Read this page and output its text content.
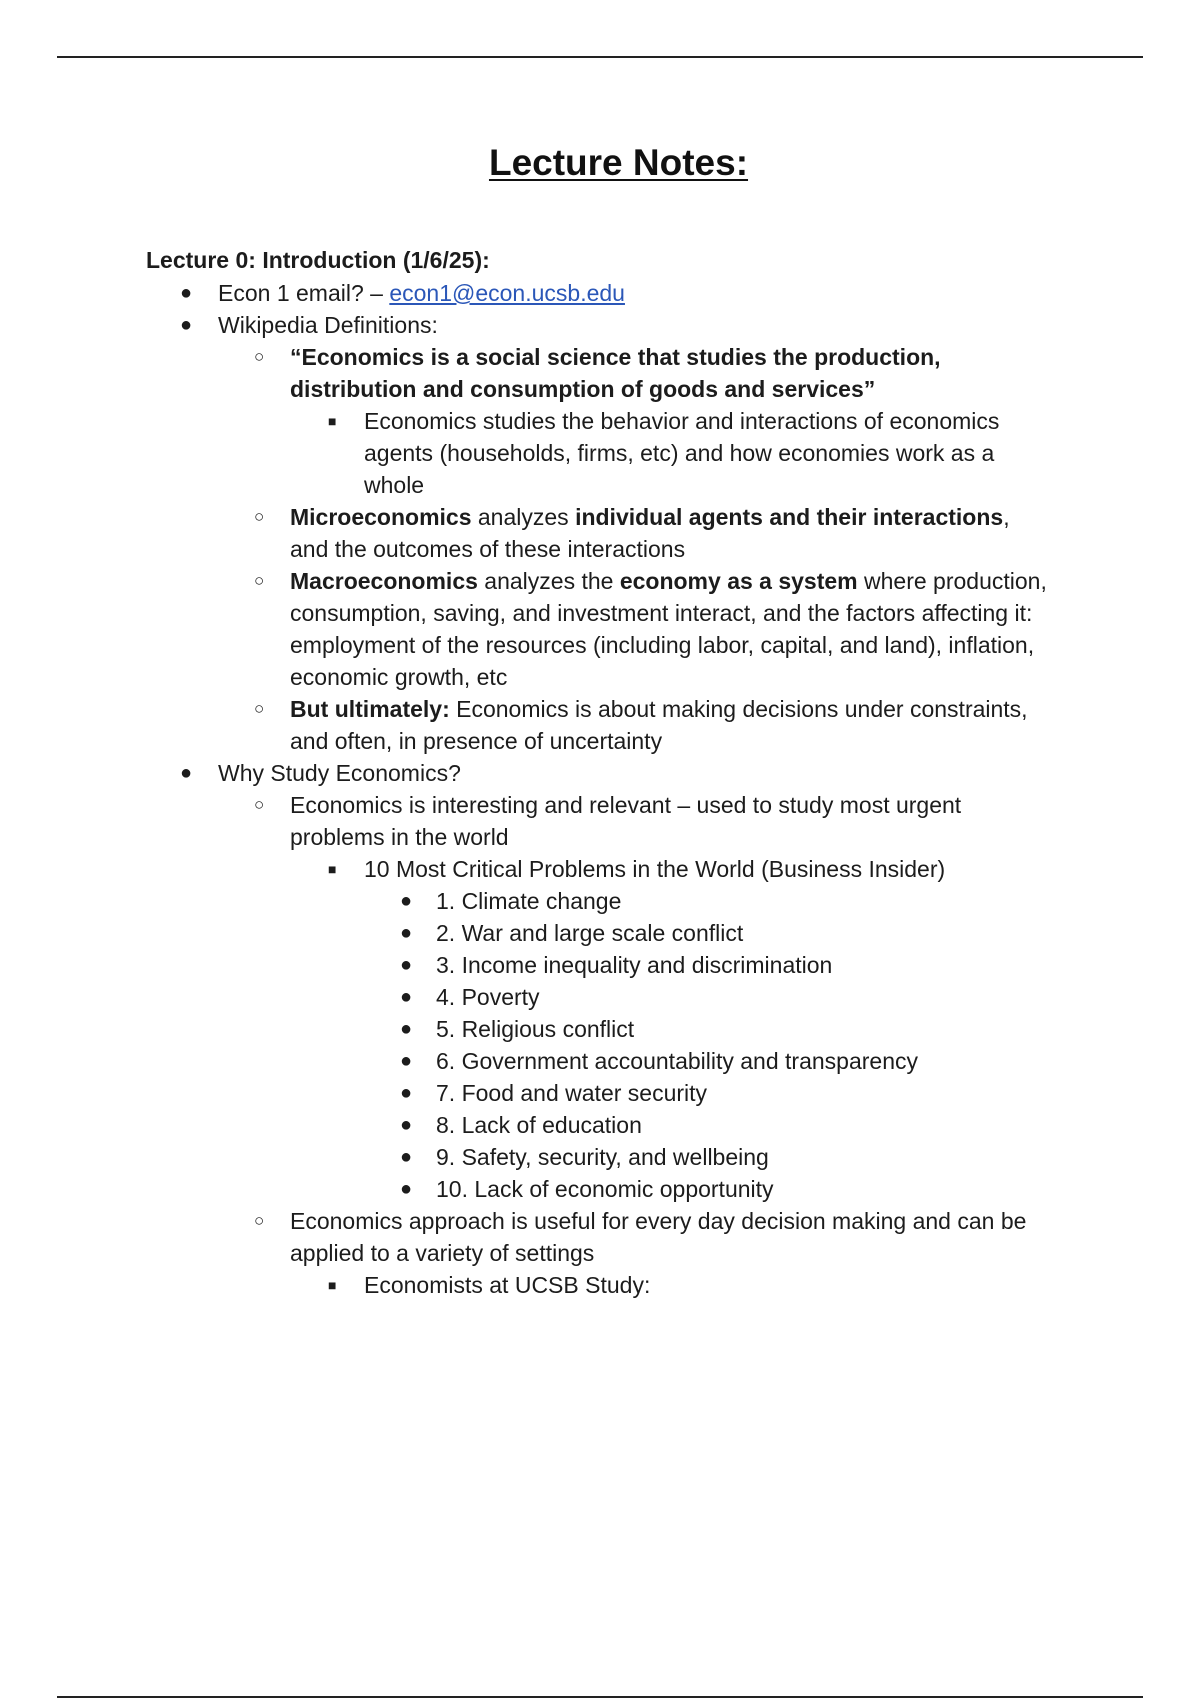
Lecture Notes:
Lecture 0: Introduction (1/6/25):
● Econ 1 email? – econ1@econ.ucsb.edu
● Wikipedia Definitions:
○ “Economics is a social science that studies the production,
distribution and consumption of goods and services”
■ Economics studies the behavior and interactions of economics
agents (households, firms, etc) and how economies work as a
whole
○ Microeconomics analyzes individual agents and their interactions,
and the outcomes of these interactions
○ Macroeconomics analyzes the economy as a system where production,
consumption, saving, and investment interact, and the factors affecting it:
employment of the resources (including labor, capital, and land), inflation,
economic growth, etc
○ But ultimately: Economics is about making decisions under constraints,
and often, in presence of uncertainty
● Why Study Economics?
○ Economics is interesting and relevant – used to study most urgent
problems in the world
■ 10 Most Critical Problems in the World (Business Insider)
● 1. Climate change
● 2. War and large scale conflict
● 3. Income inequality and discrimination
● 4. Poverty
● 5. Religious conflict
● 6. Government accountability and transparency
● 7. Food and water security
● 8. Lack of education
● 9. Safety, security, and wellbeing
● 10. Lack of economic opportunity
○ Economics approach is useful for every day decision making and can be
applied to a variety of settings
■ Economists at UCSB Study:
